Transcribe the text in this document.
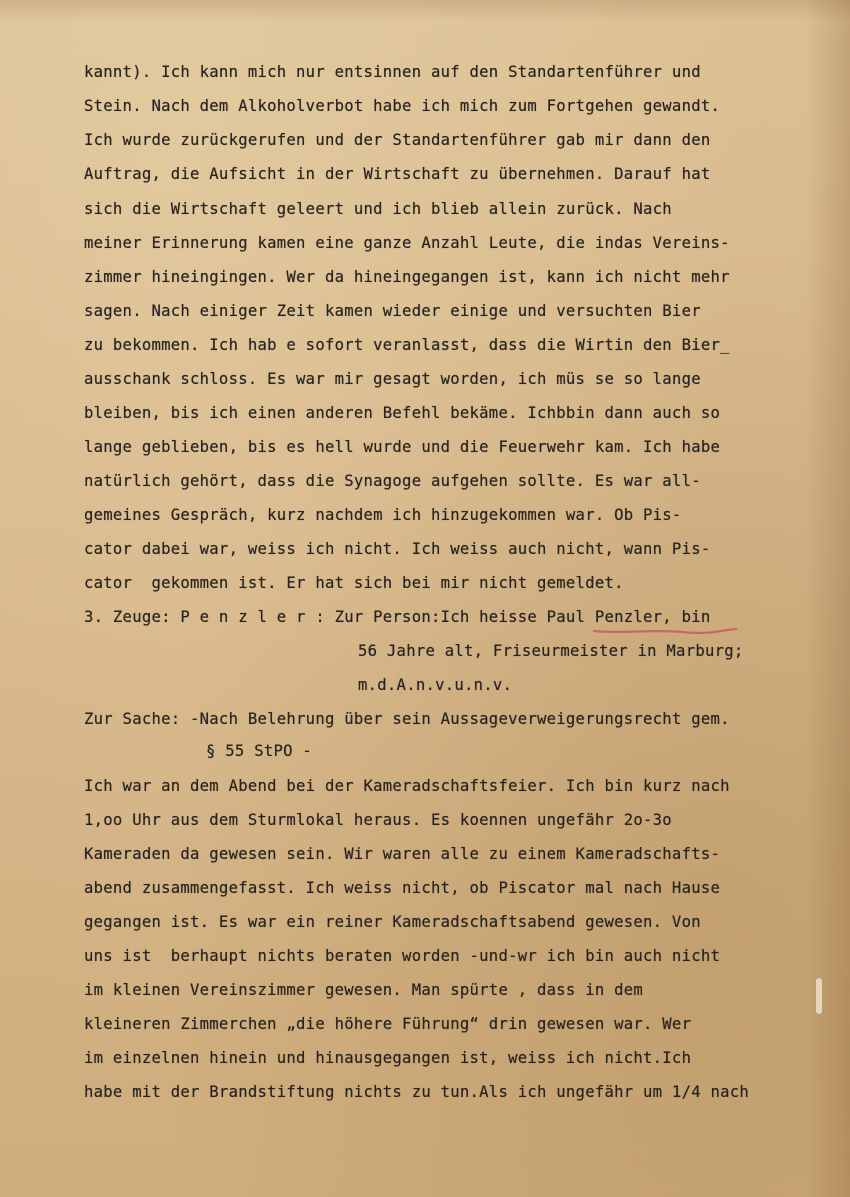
kannt). Ich kann mich nur entsinnen auf den Standartenführer und
Stein. Nach dem Alkoholverbot habe ich mich zum Fortgehen gewandt.
Ich wurde zurückgerufen und der Standartenführer gab mir dann den
Auftrag, die Aufsicht in der Wirtschaft zu übernehmen. Darauf hat
sich die Wirtschaft geleert und ich blieb allein zurück. Nach
meiner Erinnerung kamen eine ganze Anzahl Leute, die indas Vereins-
zimmer hineingingen. Wer da hineingegangen ist, kann ich nicht mehr
sagen. Nach einiger Zeit kamen wieder einige und versuchten Bier
zu bekommen. Ich hab e sofort veranlasst, dass die Wirtin den Bier_
ausschank schloss. Es war mir gesagt worden, ich müs se so lange
bleiben, bis ich einen anderen Befehl bekäme. Ichbbin dann auch so
lange geblieben, bis es hell wurde und die Feuerwehr kam. Ich habe
natürlich gehört, dass die Synagoge aufgehen sollte. Es war all-
gemeines Gespräch, kurz nachdem ich hinzugekommen war. Ob Pis-
cator dabei war, weiss ich nicht. Ich weiss auch nicht, wann Pis-
cator  gekommen ist. Er hat sich bei mir nicht gemeldet.
3. Zeuge: P e n z l e r : Zur Person:Ich heisse Paul Penzler, bin
56 Jahre alt, Friseurmeister in Marburg;
m.d.A.n.v.u.n.v.
Zur Sache: -Nach Belehrung über sein Aussageverweigerungsrecht gem.
§ 55 StPO -
Ich war an dem Abend bei der Kameradschaftsfeier. Ich bin kurz nach
1,oo Uhr aus dem Sturmlokal heraus. Es koennen ungefähr 2o-3o
Kameraden da gewesen sein. Wir waren alle zu einem Kameradschafts-
abend zusammengefasst. Ich weiss nicht, ob Piscator mal nach Hause
gegangen ist. Es war ein reiner Kameradschaftsabend gewesen. Von
uns ist  berhaupt nichts beraten worden -und-wr ich bin auch nicht
im kleinen Vereinszimmer gewesen. Man spürte , dass in dem
kleineren Zimmerchen „die höhere Führung“ drin gewesen war. Wer
im einzelnen hinein und hinausgegangen ist, weiss ich nicht.Ich
habe mit der Brandstiftung nichts zu tun.Als ich ungefähr um 1/4 nach
